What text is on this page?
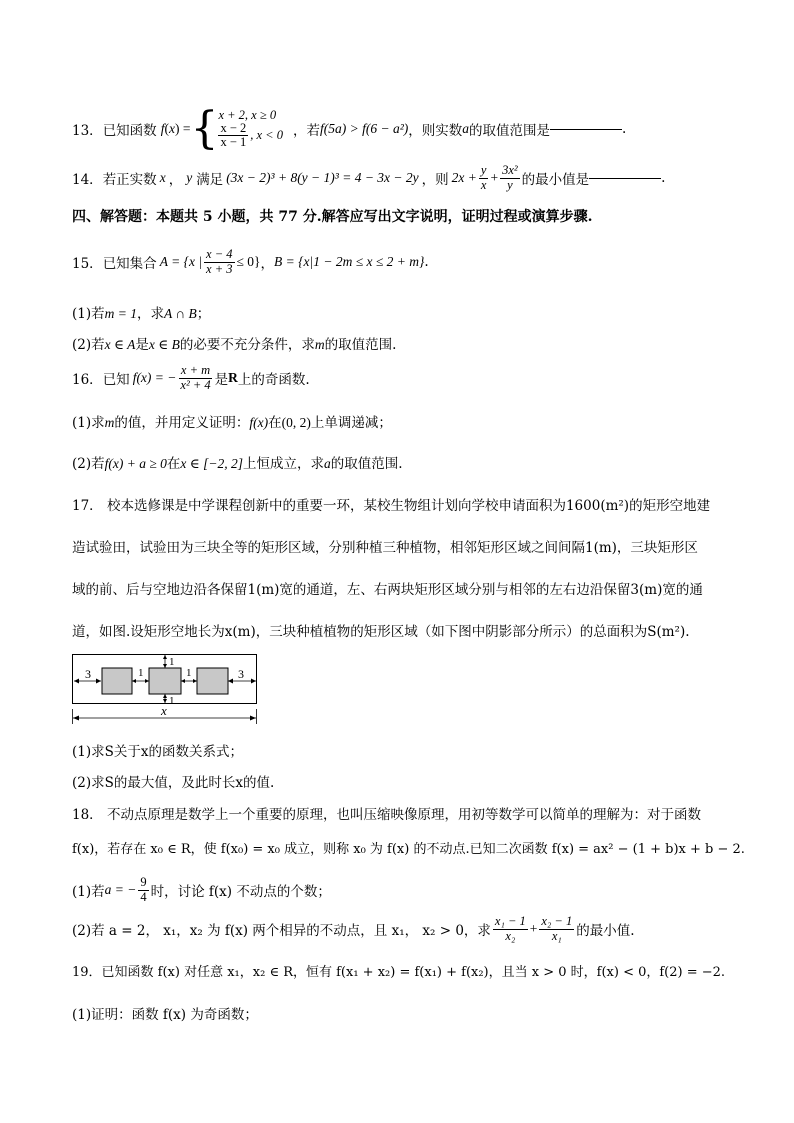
13． 已知函数 f(x) = { x + 2, x ≥ 0
$\frac{x - 2}{x - 1}$ , x < 0 ，若 f(5a) > f(6 − a²) ，则实数 a 的取值范围是	.
14． 若正实数 x ， y 满足 (3x − 2)³ + 8(y − 1)³ = 4 − 3x − 2y ，则 $2x + \frac{y}{x} + \frac{\text{3x²}}{y}$ 的最小值是	.
四、解答题：本题共 5 小题，共 77 分.解答应写出文字说明，证明过程或演算步骤.
15． 已知集合 A = {x | $\frac{x - 4}{x + 3} \le 0$} ， B = {x|1 − 2m ≤ x ≤ 2 + m} .
(1)若m = 1，求A ∩ B；
(2)若x ∈ A是x ∈ B的必要不充分条件，求m的取值范围.
16． 已知 f(x) = − $\frac{x + m}{\text{x² + 4}}$ 是 R 上的奇函数.
(1)求m的值，并用定义证明：f(x)在(0, 2)上单调递减；
(2)若f(x) + a ≥ 0在x ∈ [−2, 2]上恒成立，求a的取值范围.
17． 校本选修课是中学课程创新中的重要一环，某校生物组计划向学校申请面积为1600(m²)的矩形空地建
造试验田，试验田为三块全等的矩形区域，分别种植三种植物，相邻矩形区域之间间隔1(m)，三块矩形区
域的前、后与空地边沿各保留1(m)宽的通道，左、右两块矩形区域分别与相邻的左右边沿保留3(m)宽的通
道，如图.设矩形空地长为x(m)，三块种植植物的矩形区域（如下图中阴影部分所示）的总面积为S(m²).
3	1	1
1
1
3
x
(1)求S关于x的函数关系式；
(2)求S的最大值，及此时长x的值.
18． 不动点原理是数学上一个重要的原理，也叫压缩映像原理，用初等数学可以简单的理解为：对于函数
f(x)，若存在 x₀ ∈ R，使 f(x₀) = x₀ 成立，则称 x₀ 为 f(x) 的不动点.已知二次函数 f(x) = ax² − (1 + b)x + b − 2.
(1)若 a = − $\frac{9}{4}$ 时，讨论 f(x) 不动点的个数；
(2)若 a = 2， x₁，x₂ 为 f(x) 两个相异的不动点，且 x₁， x₂ > 0，求 $\frac{\text{x₁ − 1}}{\text{x₂}} + \frac{\text{x₂ − 1}}{\text{x₁}}$ 的最小值.
19．已知函数 f(x) 对任意 x₁，x₂ ∈ R，恒有 f(x₁ + x₂) = f(x₁) + f(x₂)，且当 x > 0 时，f(x) < 0，f(2) = −2.
(1)证明：函数 f(x) 为奇函数；
